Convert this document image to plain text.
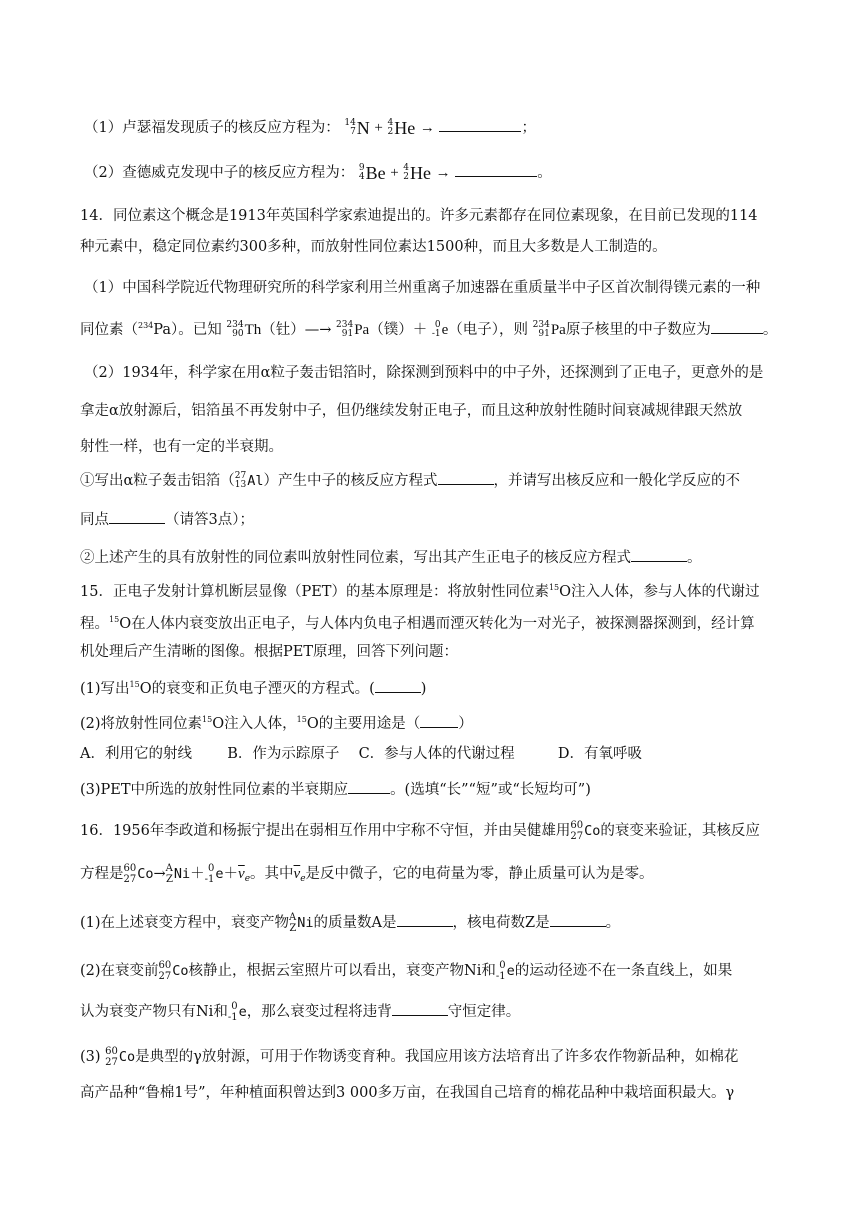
（1）卢瑟福发现质子的核反应方程为： 14
7 N + 4
2 He →	；
（2）查德威克发现中子的核反应方程为： 9
4 Be + 4
2 He →	。
14．同位素这个概念是1913年英国科学家索迪提出的。许多元素都存在同位素现象，在目前已发现的114
种元素中，稳定同位素约300多种，而放射性同位素达1500种，而且大多数是人工制造的。
（1）中国科学院近代物理研究所的科学家利用兰州重离子加速器在重质量半中子区首次制得镤元素的一种
同位素（$^{234}$Pa）。已知 234
90 Th （钍）—→ 234
91 Pa （镤）＋ 0
-1 e （电子），则 234
91 Pa 原子核里的中子数应为	。
（2）1934年，科学家在用α粒子轰击铝箔时，除探测到预料中的中子外，还探测到了正电子，更意外的是
拿走α放射源后，铝箔虽不再发射中子，但仍继续发射正电子，而且这种放射性随时间衰减规律跟天然放
射性一样，也有一定的半衰期。
①写出α粒子轰击铝箔（ 27
13 Al ）产生中子的核反应方程式	，并请写出核反应和一般化学反应的不
同点	（请答3点）；
②上述产生的具有放射性的同位素叫放射性同位素，写出其产生正电子的核反应方程式	。
15．正电子发射计算机断层显像（PET）的基本原理是：将放射性同位素$^{15}$O注入人体，参与人体的代谢过
程。$^{15}$O在人体内衰变放出正电子，与人体内负电子相遇而湮灭转化为一对光子，被探测器探测到，经计算
机处理后产生清晰的图像。根据PET原理，回答下列问题：
(1)写出$^{15}$O的衰变和正负电子湮灭的方程式。(	)
(2)将放射性同位素$^{15}$O注入人体，$^{15}$O的主要用途是（	）
A．利用它的射线 B．作为示踪原子 C．参与人体的代谢过程	D．有氧呼吸
(3)PET中所选的放射性同位素的半衰期应	。(选填“长”“短”或“长短均可”)
16．1956年李政道和杨振宁提出在弱相互作用中宇称不守恒，并由吴健雄用 60
27 Co 的衰变来验证，其核反应
方程是 60
27 Co → A
Z Ni ＋ 0
-1 $e +\overline{v}_e$。其中$\overline{v}_e$是反中微子，它的电荷量为零，静止质量可认为是零。
(1)在上述衰变方程中，衰变产物 A
Z Ni 的质量数A是	，核电荷数Z是	。
(2)在衰变前 60
27 Co 核静止，根据云室照片可以看出，衰变产物Ni和 0
-1 e 的运动径迹不在一条直线上，如果
认为衰变产物只有Ni和 0
-1 e ，那么衰变过程将违背	守恒定律。
(3) 60
27 Co 是典型的γ放射源，可用于作物诱变育种。我国应用该方法培育出了许多农作物新品种，如棉花
高产品种“鲁棉1号”，年种植面积曾达到3 000多万亩，在我国自己培育的棉花品种中栽培面积最大。γ
